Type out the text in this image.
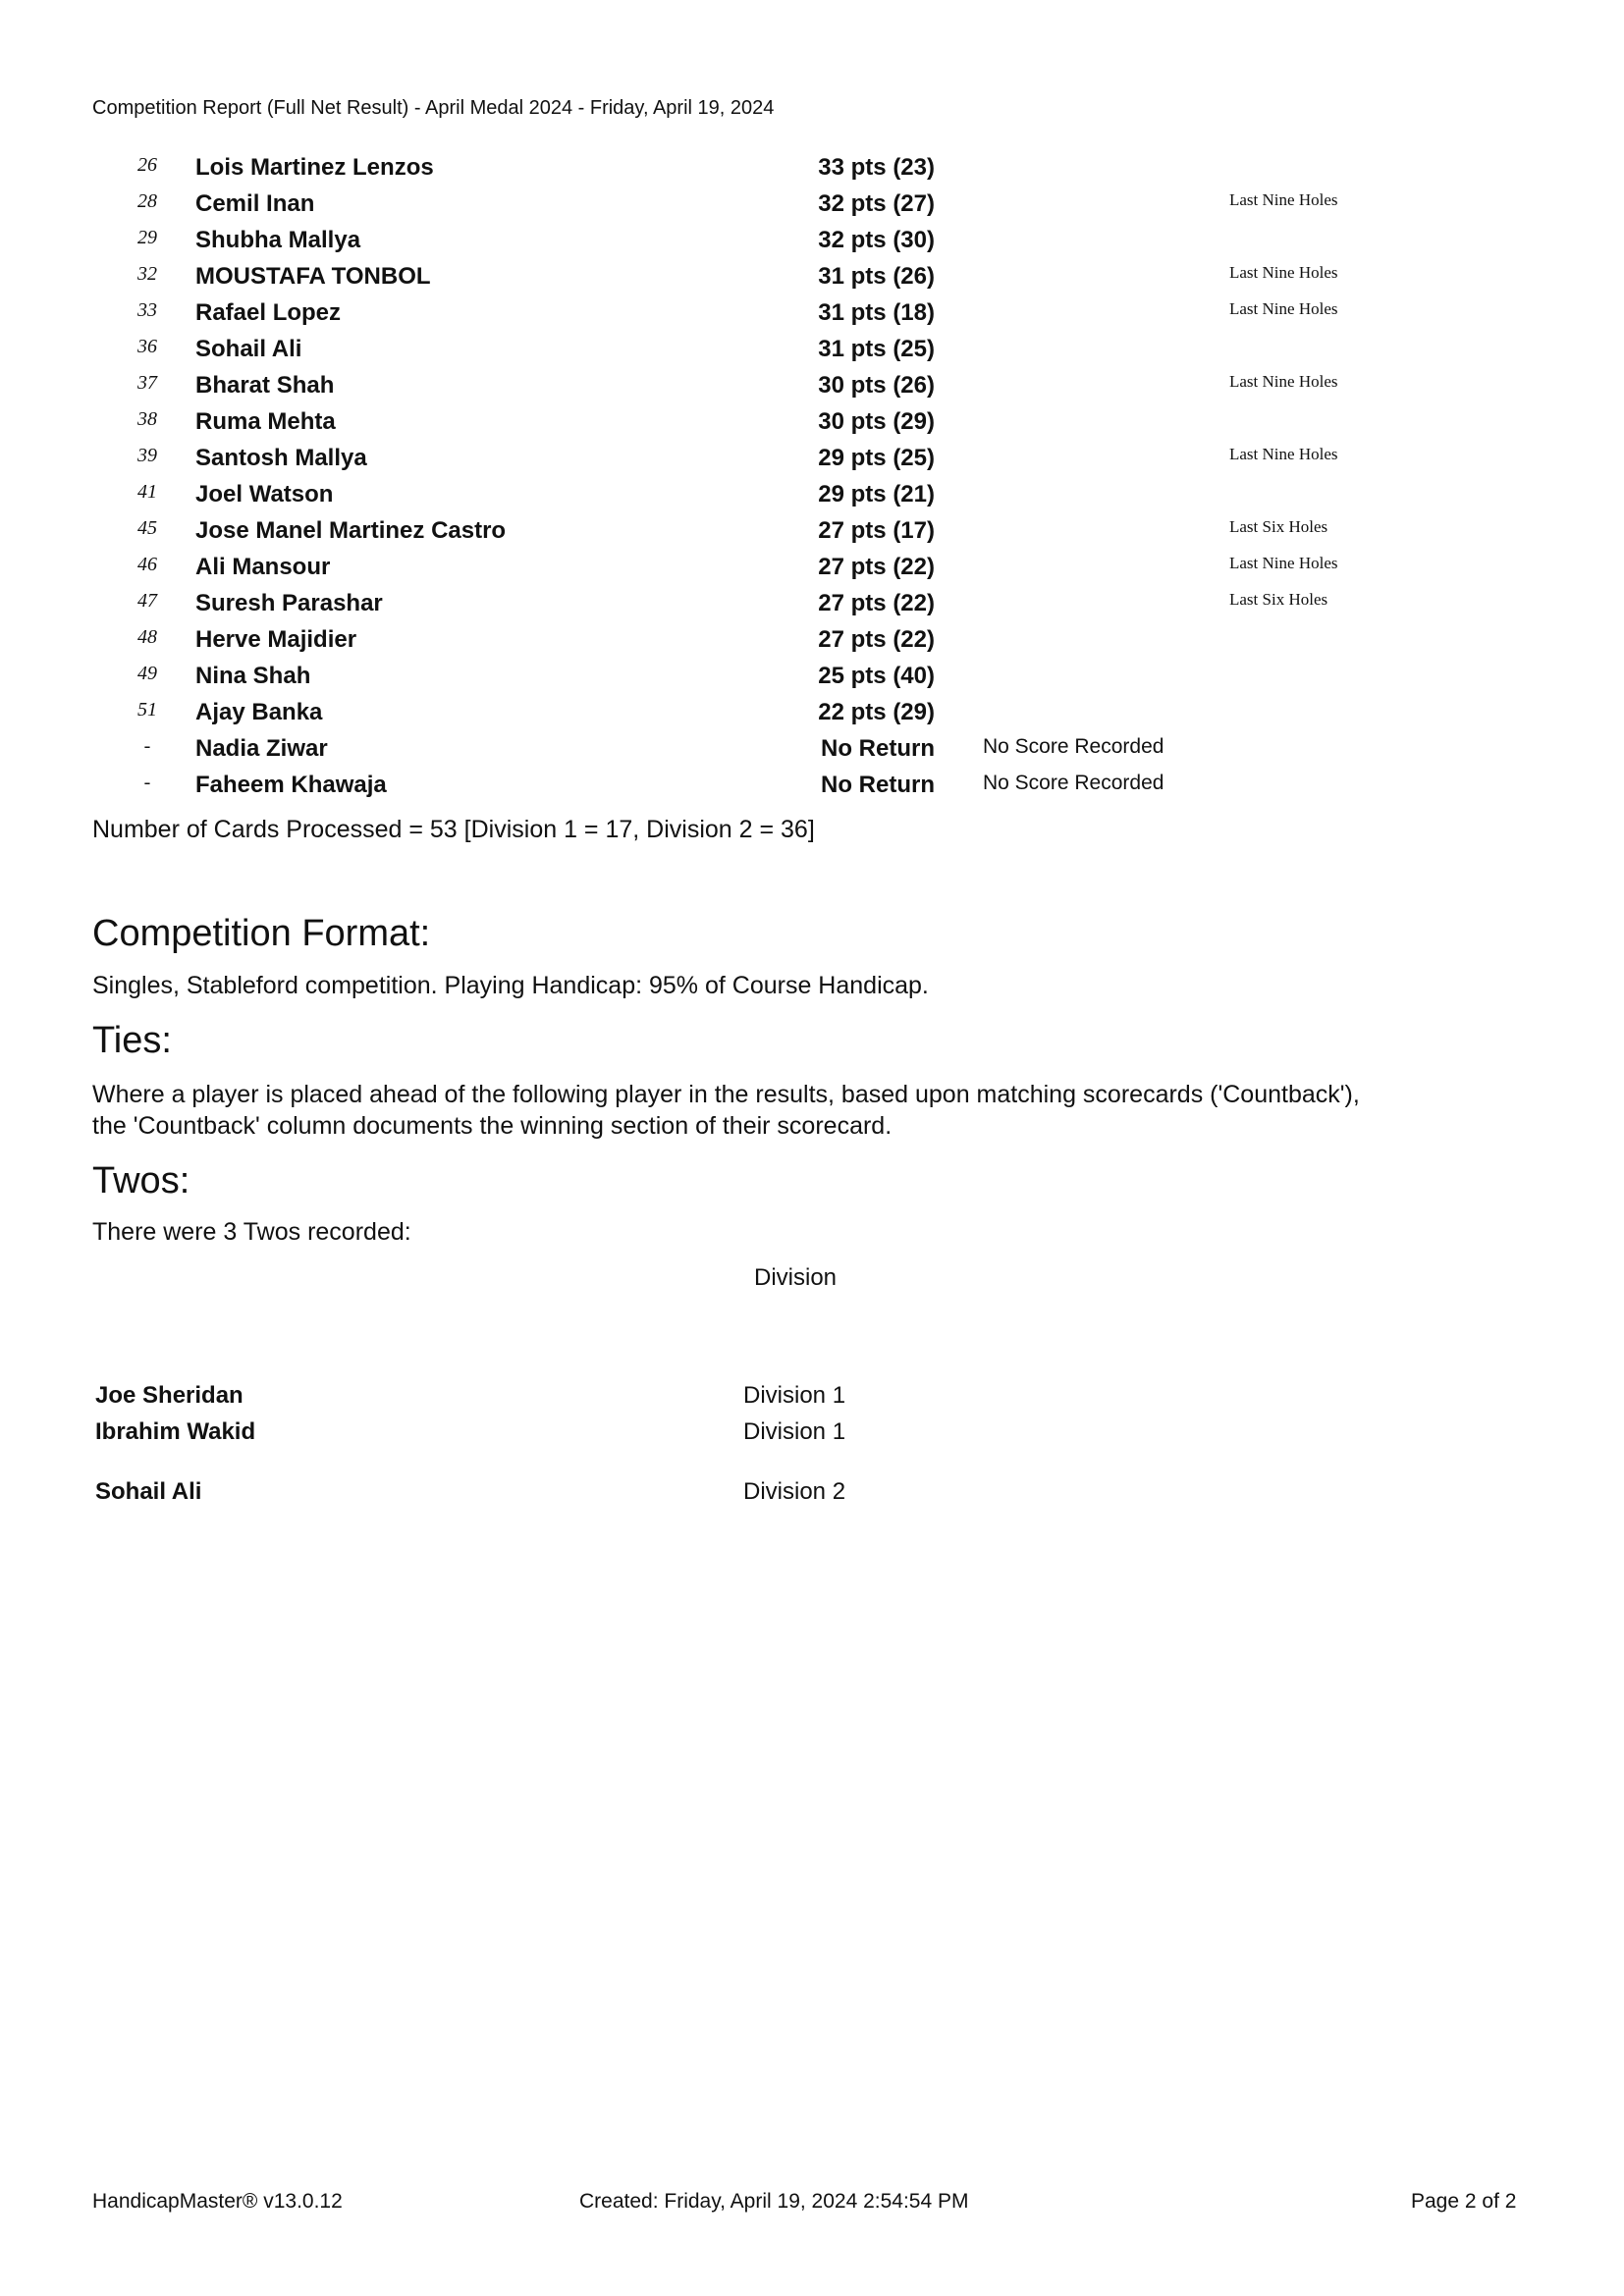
Competition Report (Full Net Result) - April Medal 2024 - Friday, April 19, 2024
26	Lois Martinez Lenzos	33 pts (23)
28	Cemil Inan	32 pts (27)	Last Nine Holes
29	Shubha Mallya	32 pts (30)
32	MOUSTAFA TONBOL	31 pts (26)	Last Nine Holes
33	Rafael Lopez	31 pts (18)	Last Nine Holes
36	Sohail Ali	31 pts (25)
37	Bharat Shah	30 pts (26)	Last Nine Holes
38	Ruma Mehta	30 pts (29)
39	Santosh Mallya	29 pts (25)	Last Nine Holes
41	Joel Watson	29 pts (21)
45	Jose Manel Martinez Castro	27 pts (17)	Last Six Holes
46	Ali Mansour	27 pts (22)	Last Nine Holes
47	Suresh Parashar	27 pts (22)	Last Six Holes
48	Herve Majidier	27 pts (22)
49	Nina Shah	25 pts (40)
51	Ajay Banka	22 pts (29)
-	Nadia Ziwar	No Return No Score Recorded
-	Faheem Khawaja	No Return No Score Recorded
Number of Cards Processed = 53 [Division 1 = 17, Division 2 = 36]
Competition Format:
Singles, Stableford competition. Playing Handicap: 95% of Course Handicap.
Ties:
Where a player is placed ahead of the following player in the results, based upon matching scorecards ('Countback'),
the 'Countback' column documents the winning section of their scorecard.
Twos:
There were 3 Twos recorded:
Division
Joe Sheridan	Division 1
Ibrahim Wakid	Division 1
Sohail Ali	Division 2
HandicapMaster® v13.0.12	Created: Friday, April 19, 2024 2:54:54 PM	Page 2 of 2
